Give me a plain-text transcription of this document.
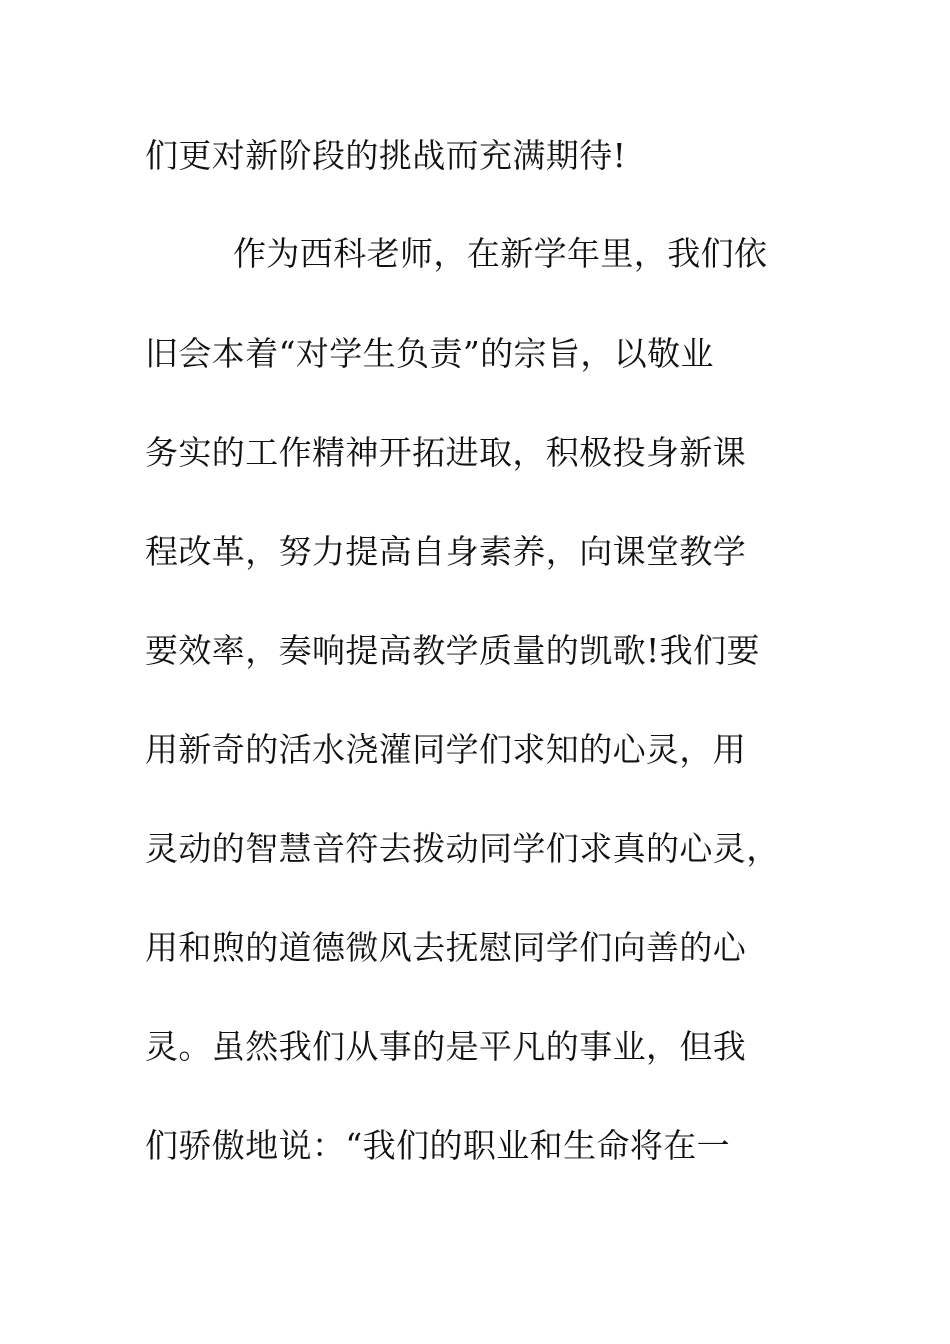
们更对新阶段的挑战而充满期待!
作为西科老师，在新学年里，我们依
旧会本着“对学生负责”的宗旨，以敬业
务实的工作精神开拓进取，积极投身新课
程改革，努力提高自身素养，向课堂教学
要效率，奏响提高教学质量的凯歌!我们要
用新奇的活水浇灌同学们求知的心灵，用
灵动的智慧音符去拨动同学们求真的心灵，
用和煦的道德微风去抚慰同学们向善的心
灵。虽然我们从事的是平凡的事业，但我
们骄傲地说：“我们的职业和生命将在一
